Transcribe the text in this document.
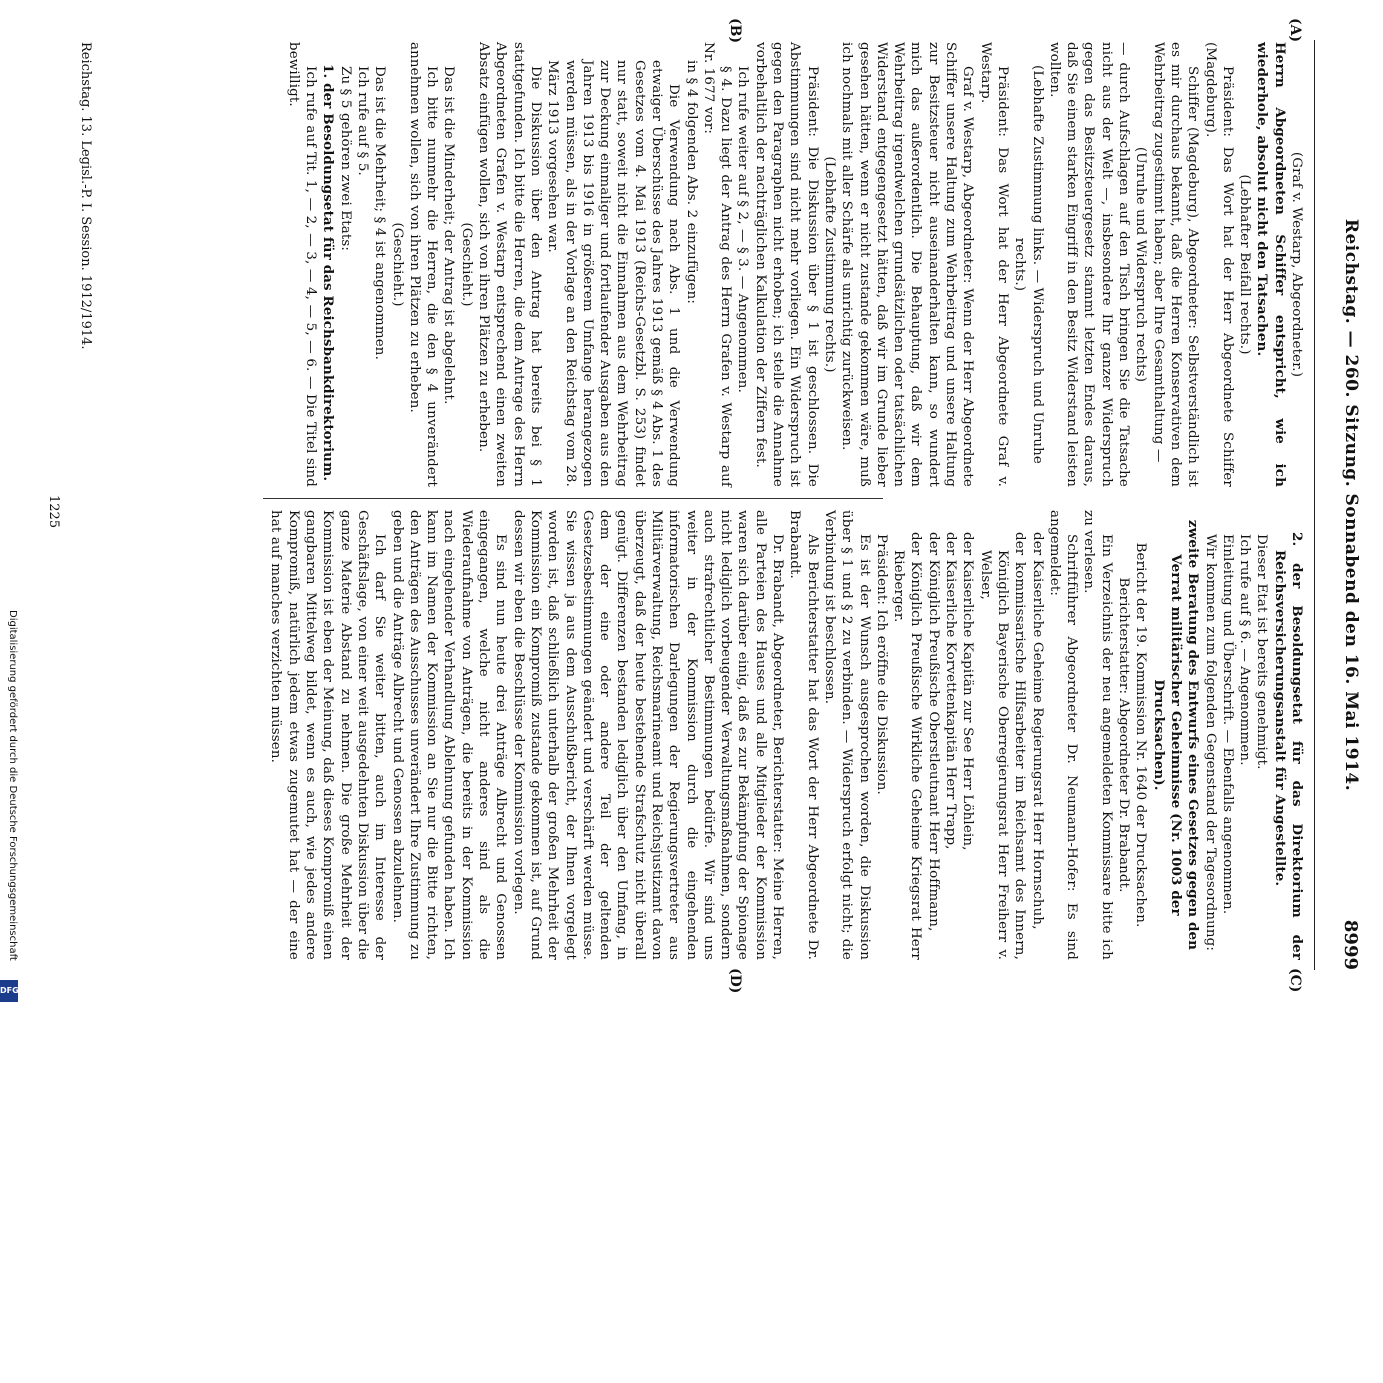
Reichstag. — 260. Sitzung. Sonnabend den 16. Mai 1914.
8999
(A)
(B)
(C)
(D)

(Graf v. Westarp, Abgeordneter.)

Herrn Abgeordneten Schiffer entspricht, wie ich wiederhole, absolut nicht den Tatsachen.

(Lebhafter Beifall rechts.)

Präsident: Das Wort hat der Herr Abgeordnete Schiffer (Magdeburg).

Schiffer (Magdeburg), Abgeordneter: Selbstverständlich ist es mir durchaus bekannt, daß die Herren Konservativen dem Wehrbeitrag zugestimmt haben; aber Ihre Gesamthaltung —

(Unruhe und Widerspruch rechts)

— durch Aufschlagen auf den Tisch bringen Sie die Tatsache nicht aus der Welt —, insbesondere Ihr ganzer Widerspruch gegen das Besitzsteuergesetz stammt letzten Endes daraus, daß Sie einem starken Eingriff in den Besitz Widerstand leisten wollten.

(Lebhafte Zustimmung links. — Widerspruch und Unruhe rechts.)

Präsident: Das Wort hat der Herr Abgeordnete Graf v. Westarp.

Graf v. Westarp, Abgeordneter: Wenn der Herr Abgeordnete Schiffer unsere Haltung zum Wehrbeitrag und unsere Haltung zur Besitzsteuer nicht auseinanderhalten kann, so wundert mich das außerordentlich. Die Behauptung, daß wir dem Wehrbeitrag irgendwelchen grundsätzlichen oder tatsächlichen Widerstand entgegengesetzt hätten, daß wir im Grunde lieber gesehen hätten, wenn er nicht zustande gekommen wäre, muß ich nochmals mit aller Schärfe als unrichtig zurückweisen.

(Lebhafte Zustimmung rechts.)

Präsident: Die Diskussion über § 1 ist geschlossen. Die Abstimmungen sind nicht mehr vorliegen. Ein Widerspruch ist gegen den Paragraphen nicht erhoben; ich stelle die Annahme vorbehaltlich der nachträglichen Kalkulation der Ziffern fest.

Ich rufe weiter auf § 2, — § 3. — Angenommen.

§ 4. Dazu liegt der Antrag des Herrn Grafen v. Westarp auf Nr. 1677 vor:

in § 4 folgenden Abs. 2 einzufügen:

Die Verwendung nach Abs. 1 und die Verwendung etwaiger Überschüsse des Jahres 1913 gemäß § 4 Abs. 1 des Gesetzes vom 4. Mai 1913 (Reichs-Gesetzbl. S. 253) findet nur statt, soweit nicht die Einnahmen aus dem Wehrbeitrag zur Deckung einmaliger und fortlaufender Ausgaben aus den Jahren 1913 bis 1916 in größerem Umfange herangezogen werden müssen, als in der Vorlage an den Reichstag vom 28. März 1913 vorgesehen war.

Die Diskussion über den Antrag hat bereits bei § 1 stattgefunden. Ich bitte die Herren, die dem Antrage des Herrn Abgeordneten Grafen v. Westarp entsprechend einen zweiten Absatz einfügen wollen, sich von ihren Plätzen zu erheben.

(Geschieht.)

Das ist die Minderheit; der Antrag ist abgelehnt.

Ich bitte nunmehr die Herren, die den § 4 unverändert annehmen wollen, sich von ihren Plätzen zu erheben.

(Geschieht.)

Das ist die Mehrheit; § 4 ist angenommen.

Ich rufe auf § 5.

Zu § 5 gehören zwei Etats:

1. der Besoldungsetat für das Reichsbankdirektorium.

Ich rufe auf Tit. 1, — 2, — 3, — 4, — 5, — 6. — Die Titel sind bewilligt.

2. der Besoldungsetat für das Direktorium der Reichsversicherungsanstalt für Angestellte.

Dieser Etat ist bereits genehmigt.

Ich rufe auf § 6. — Angenommen.

Einleitung und Überschrift. — Ebenfalls angenommen.

Wir kommen zum folgenden Gegenstand der Tagesordnung:

zweite Beratung des Entwurfs eines Gesetzes gegen den Verrat militärischer Geheimnisse (Nr. 1003 der Drucksachen).

Bericht der 19. Kommission Nr. 1640 der Drucksachen.

Berichterstatter: Abgeordneter Dr. Brabandt.

Ein Verzeichnis der neu angemeldeten Kommissare bitte ich zu verlesen.

Schriftführer Abgeordneter Dr. Neumann-Hofer: Es sind angemeldet:

der Kaiserliche Geheime Regierungsrat Herr Hornschuh,

der kommissarische Hilfsarbeiter im Reichsamt des Innern, Königlich Bayerische Oberregierungsrat Herr Freiherr v. Welser,

der Kaiserliche Kapitän zur See Herr Löhlein,

der Kaiserliche Korvettenkapitän Herr Trapp,

der Königlich Preußische Oberstleutnant Herr Hoffmann,

der Königlich Preußische Wirkliche Geheime Kriegsrat Herr Rieberger.

Präsident: Ich eröffne die Diskussion.

Es ist der Wunsch ausgesprochen worden, die Diskussion über § 1 und § 2 zu verbinden. — Widerspruch erfolgt nicht; die Verbindung ist beschlossen.

Als Berichterstatter hat das Wort der Herr Abgeordnete Dr. Brabandt.

Dr. Brabandt, Abgeordneter, Berichterstatter: Meine Herren, alle Parteien des Hauses und alle Mitglieder der Kommission waren sich darüber einig, daß es zur Bekämpfung der Spionage nicht lediglich vorbeugender Verwaltungsmaßnahmen, sondern auch strafrechtlicher Bestimmungen bedürfe. Wir sind uns weiter in der Kommission durch die eingehenden informatorischen Darlegungen der Regierungsvertreter aus Militärverwaltung, Reichsmarineamt und Reichsjustizamt davon überzeugt, daß der heute bestehende Strafschutz nicht überall genügt. Differenzen bestanden lediglich über den Umfang, in dem der eine oder andere Teil der geltenden Gesetzesbestimmungen geändert und verschärft werden müsse. Sie wissen ja aus dem Ausschußbericht, der Ihnen vorgelegt worden ist, daß schließlich unterhalb der großen Mehrheit der Kommission ein Kompromiß zustande gekommen ist, auf Grund dessen wir eben die Beschlüsse der Kommission vorlegen.

Es sind nun heute drei Anträge Albrecht und Genossen eingegangen, welche nicht anderes sind als die Wiederaufnahme von Anträgen, die bereits in der Kommission nach eingehender Verhandlung Ablehnung gefunden haben. Ich kann im Namen der Kommission an Sie nur die Bitte richten, den Anträgen des Ausschusses unverändert Ihre Zustimmung zu geben und die Anträge Albrecht und Genossen abzulehnen.

Ich darf Sie weiter bitten, auch im Interesse der Geschäftslage, von einer weit ausgedehnten Diskussion über die ganze Materie Abstand zu nehmen. Die große Mehrheit der Kommission ist eben der Meinung, daß dieses Kompromiß einen gangbaren Mittelweg bildet, wenn es auch, wie jedes andere Kompromiß, natürlich jedem etwas zugemutet hat — der eine hat auf manches verzichten müssen.

Reichstag. 13. Legisl.-P. I. Session. 1912/1914.
1225
Digitalisierung gefördert durch die Deutsche Forschungsgemeinschaft
DFG
